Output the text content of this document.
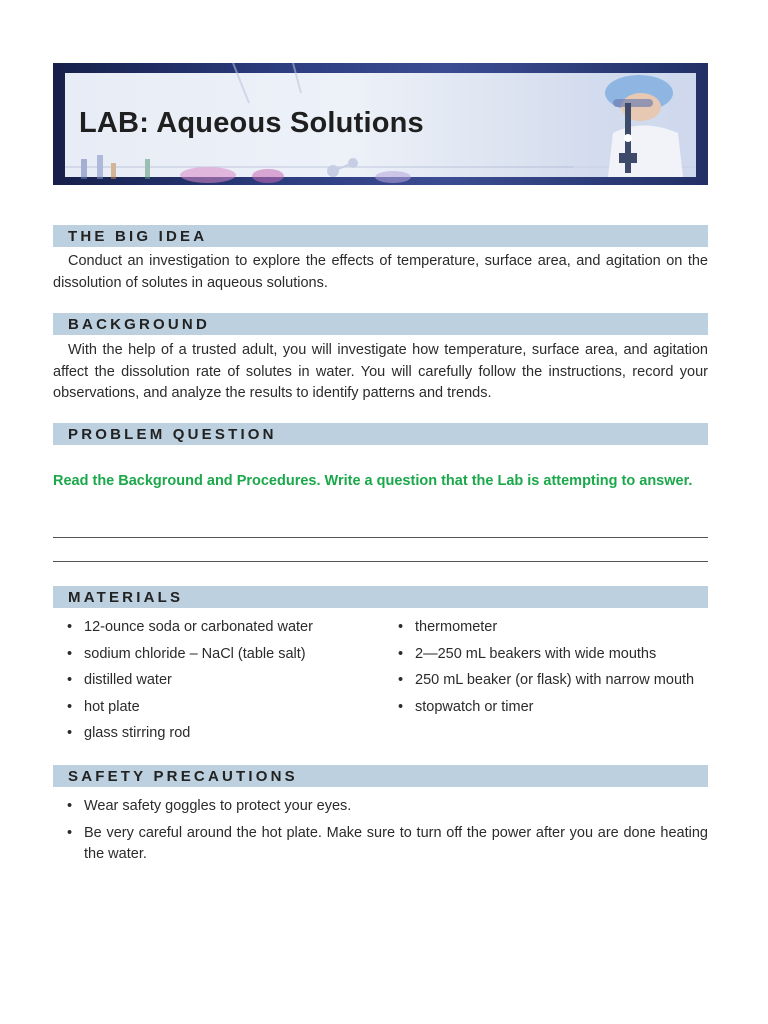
LAB: Aqueous Solutions
THE BIG IDEA
Conduct an investigation to explore the effects of temperature, surface area, and agitation on the dissolution of solutes in aqueous solutions.
BACKGROUND
With the help of a trusted adult, you will investigate how temperature, surface area, and agitation affect the dissolution rate of solutes in water. You will carefully follow the instructions, record your observations, and analyze the results to identify patterns and trends.
PROBLEM QUESTION
Read the Background and Procedures. Write a question that the Lab is attempting to answer.
MATERIALS
• 12-ounce soda or carbonated water
• sodium chloride – NaCl (table salt)
• distilled water
• hot plate
• glass stirring rod
• thermometer
• 2—250 mL beakers with wide mouths
• 250 mL beaker (or flask) with narrow mouth
• stopwatch or timer
SAFETY PRECAUTIONS
• Wear safety goggles to protect your eyes.
• Be very careful around the hot plate. Make sure to turn off the power after you are done heating the water.
